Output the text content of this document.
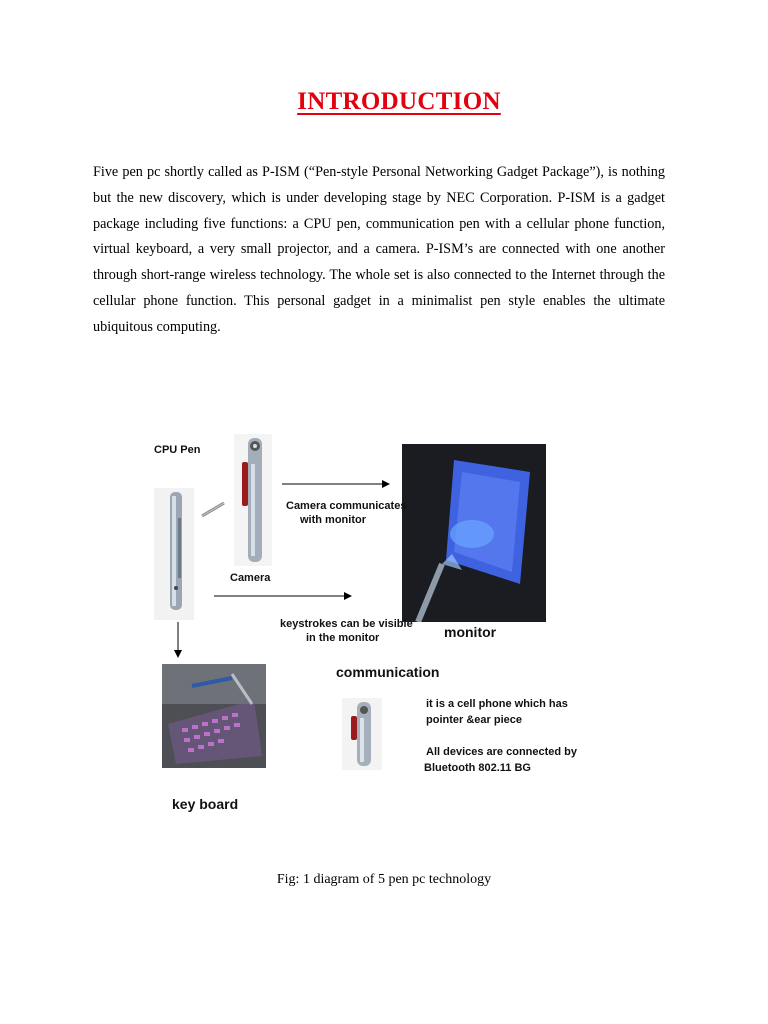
INTRODUCTION

Five pen pc shortly called as P-ISM (“Pen-style Personal Networking Gadget Package”), is nothing but the new discovery, which is under developing stage by NEC Corporation. P-ISM is a gadget package including five functions: a CPU pen, communication pen with a cellular phone function, virtual keyboard, a very small projector, and a camera. P-ISM’s are connected with one another through short-range wireless technology. The whole set is also connected to the Internet through the cellular phone function. This personal gadget in a minimalist pen style enables the ultimate ubiquitous computing.

CPU Pen
Camera communicates
with monitor
Camera
keystrokes can be visible
in the monitor	monitor
communication
it is a cell phone which has
pointer &ear piece
All devices are connected by
Bluetooth 802.11 BG
key board
Fig: 1 diagram of 5 pen pc technology
